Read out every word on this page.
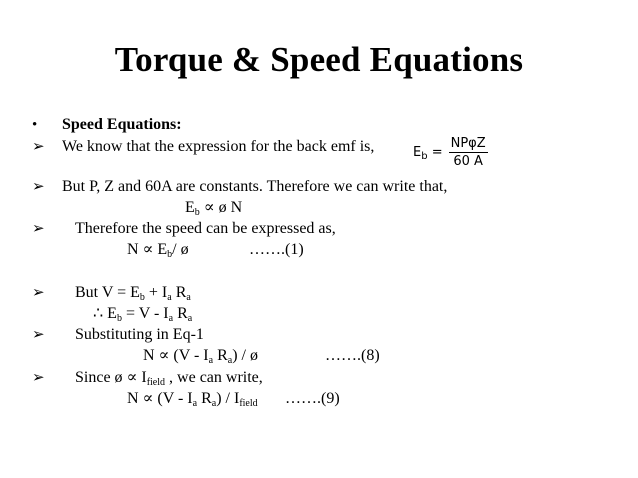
Torque & Speed Equations
• Speed Equations:
➢ We know that the expression for the back emf is,	$E_b = \frac{\text{NPφZ}}{60 A}$
➢ But P, Z and 60A are constants. Therefore we can write that,
$E_b$ ∝ ø N
➢ Therefore the speed can be expressed as,
$N \propto E_b/$ ø	…….(1)
➢ But $V = E_b + I_a$ $R_a$
∴ $E_b = V - I_a$ $R_a$
➢ Substituting in Eq-1
$N \propto (V - I_a$ $R_a$) / ø	…….(8)
➢ Since ø ∝ $I_{field}$ , we can write,
$N \propto (V - I_a$ $R_a) / I_{field}$ …….(9)
